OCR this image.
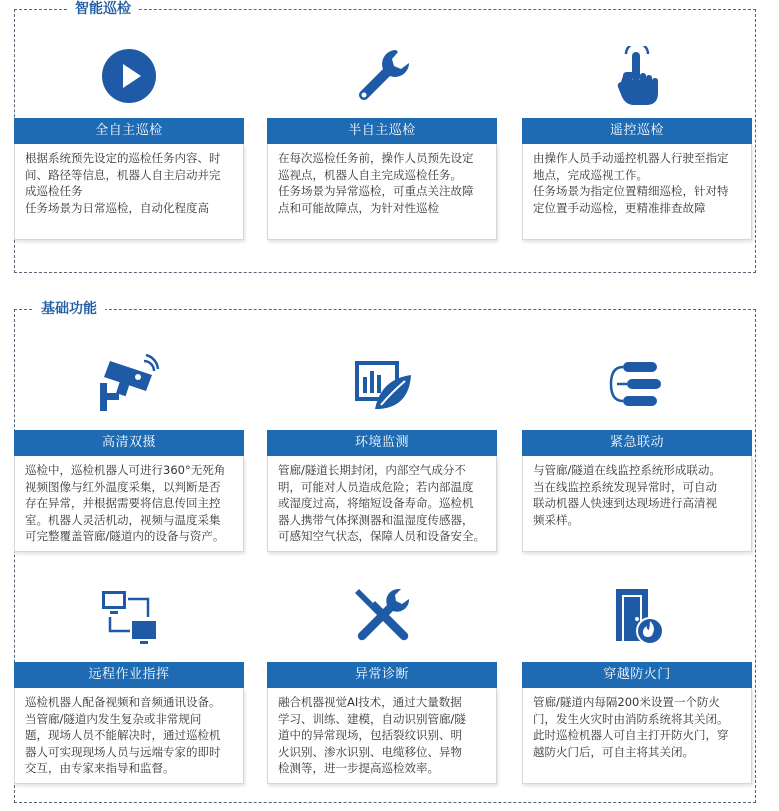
智能巡检
基础功能
全自主巡检
根据系统预先设定的巡检任务内容、时
间、路径等信息，机器人自主启动并完
成巡检任务
任务场景为日常巡检，自动化程度高
半自主巡检
在每次巡检任务前，操作人员预先设定
巡视点，机器人自主完成巡检任务。
任务场景为异常巡检，可重点关注故障
点和可能故障点，为针对性巡检
遥控巡检
由操作人员手动遥控机器人行驶至指定
地点，完成巡视工作。
任务场景为指定位置精细巡检，针对特
定位置手动巡检，更精准排查故障
高清双摄
巡检中，巡检机器人可进行360°无死角
视频图像与红外温度采集，以判断是否
存在异常，并根据需要将信息传回主控
室。机器人灵活机动，视频与温度采集
可完整覆盖管廊/隧道内的设备与资产。
环境监测
管廊/隧道长期封闭，内部空气成分不
明，可能对人员造成危险；若内部温度
或湿度过高，将缩短设备寿命。巡检机
器人携带气体探测器和温湿度传感器，
可感知空气状态，保障人员和设备安全。
紧急联动
与管廊/隧道在线监控系统形成联动。
当在线监控系统发现异常时，可自动
联动机器人快速到达现场进行高清视
频采样。
远程作业指挥
巡检机器人配备视频和音频通讯设备。
当管廊/隧道内发生复杂或非常规问
题，现场人员不能解决时，通过巡检机
器人可实现现场人员与远端专家的即时
交互，由专家来指导和监督。
异常诊断
融合机器视觉AI技术，通过大量数据
学习、训练、建模，自动识别管廊/隧
道中的异常现场，包括裂纹识别、明
火识别、渗水识别、电缆移位、异物
检测等，进一步提高巡检效率。
穿越防火门
管廊/隧道内每隔200米设置一个防火
门，发生火灾时由消防系统将其关闭。
此时巡检机器人可自主打开防火门，穿
越防火门后，可自主将其关闭。
